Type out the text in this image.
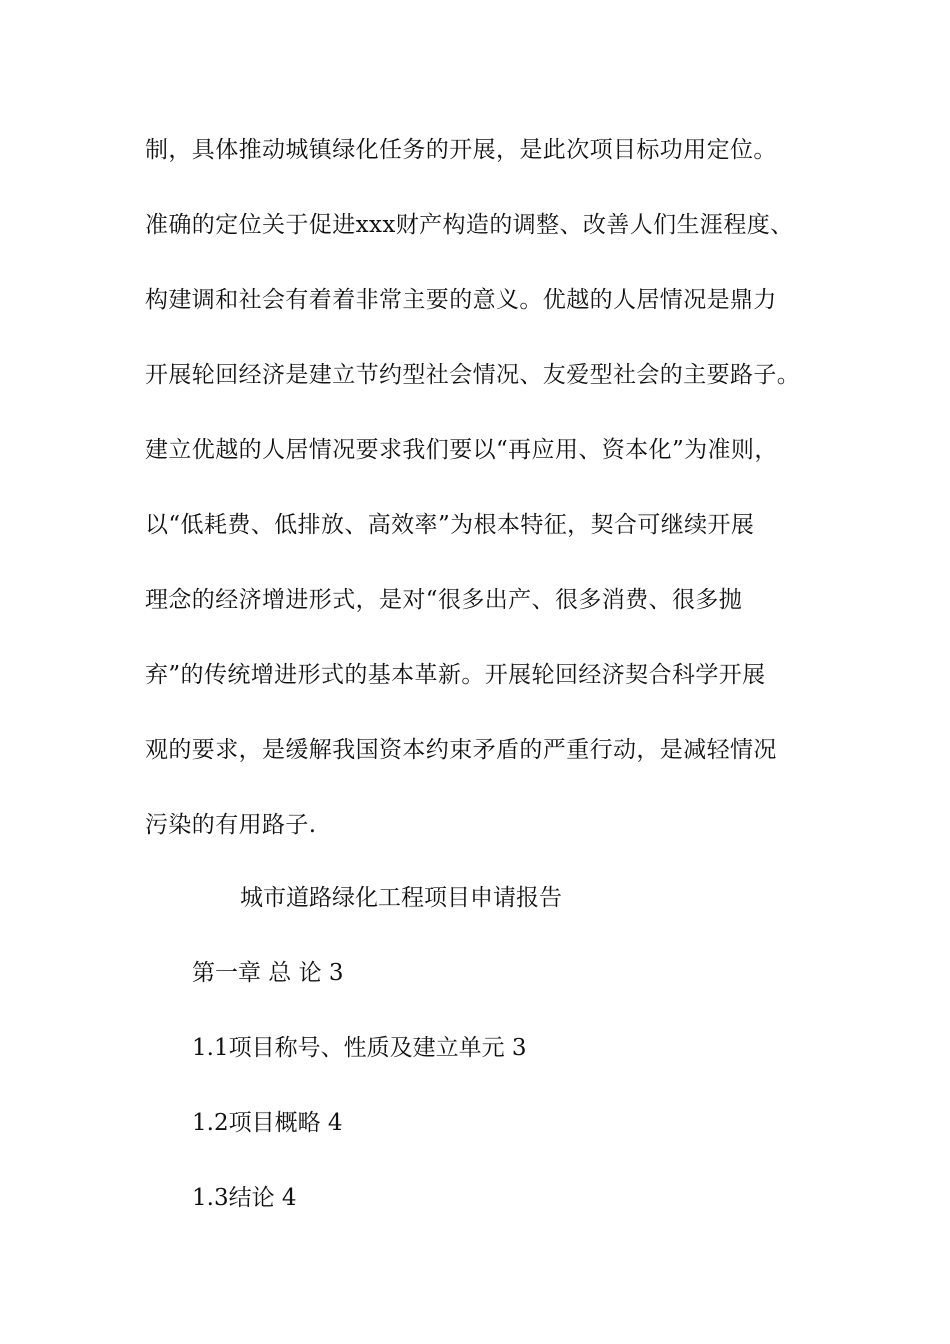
制，具体推动城镇绿化任务的开展，是此次项目标功用定位。
准确的定位关于促进xxx财产构造的调整、改善人们生涯程度、
构建调和社会有着着非常主要的意义。优越的人居情况是鼎力
开展轮回经济是建立节约型社会情况、友爱型社会的主要路子。
建立优越的人居情况要求我们要以“再应用、资本化”为准则，
以“低耗费、低排放、高效率”为根本特征，契合可继续开展
理念的经济增进形式，是对“很多出产、很多消费、很多抛
弃”的传统增进形式的基本革新。开展轮回经济契合科学开展
观的要求，是缓解我国资本约束矛盾的严重行动，是减轻情况
污染的有用路子.
城市道路绿化工程项目申请报告
第一章 总 论 3
1.1项目称号、性质及建立单元 3
1.2项目概略 4
1.3结论 4
